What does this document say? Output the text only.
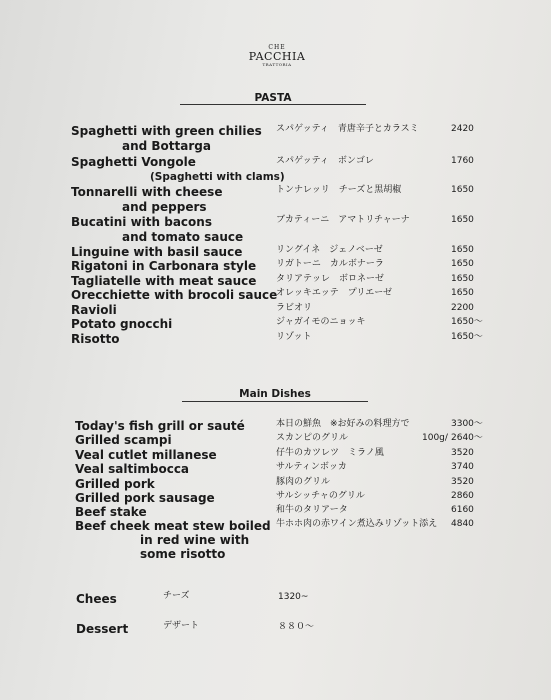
CHE
PACCHIA
TRATTORIA
PASTA
Spaghetti with green chilies
and Bottarga
スパゲッティ　青唐辛子とカラスミ	2420
Spaghetti Vongole
(Spaghetti with clams)
スパゲッティ　ボンゴレ	1760
Tonnarelli with cheese
and peppers
トンナレッリ　チーズと黒胡椒	1650
Bucatini with bacons
and tomato sauce
ブカティーニ　アマトリチャーナ	1650
Linguine with basil sauce	リングイネ　ジェノベーゼ	1650
Rigatoni in Carbonara style リガトーニ　カルボナーラ	1650
Tagliatelle with meat sauce タリアテッレ　ボロネーゼ	1650
Orecchiette with brocoli sauce
オレッキエッテ　プリエーゼ	1650
Ravioli	ラビオリ	2200
Potato gnocchi	ジャガイモのニョッキ	1650～
Risotto	リゾット	1650～
Main Dishes
Today's fish grill or sauté	本日の鮮魚　※お好みの料理方で	3300～
Grilled scampi	スカンピのグリル	100g/ 2640～
Veal cutlet millanese	仔牛のカツレツ　ミラノ風	3520
Veal saltimbocca	サルティンボッカ	3740
Grilled pork	豚肉のグリル	3520
Grilled pork sausage	サルシッチャのグリル	2860
Beef stake	和牛のタリアータ	6160
Beef cheek meat stew boiled
in red wine with
some risotto
牛ホホ肉の赤ワイン煮込みリゾット添え 4840
Chees	チーズ	1320~
Dessert	デザート	８８０～
